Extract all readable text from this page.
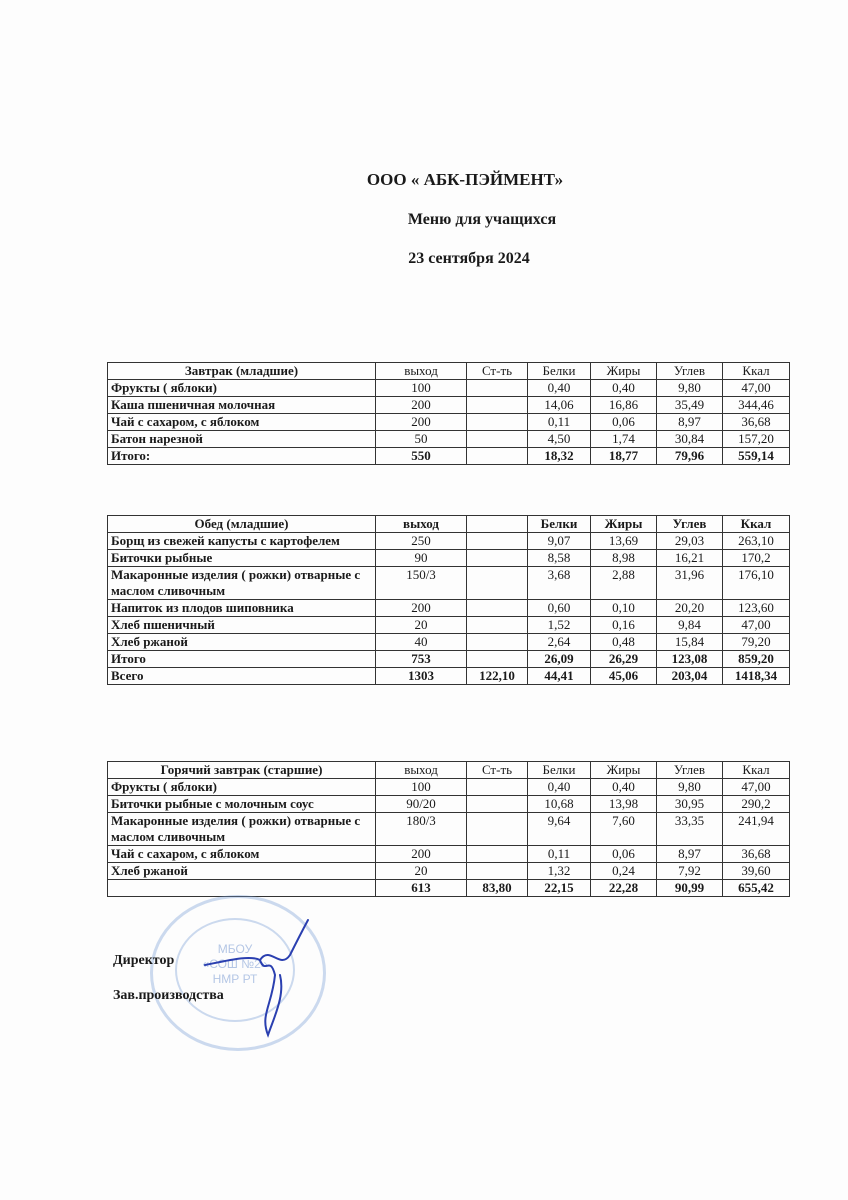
ООО « АБК-ПЭЙМЕНТ»
Меню для учащихся
23 сентября 2024
Завтрак (младшие)	выход	Ст-ть	Белки	Жиры	Углев	Ккал
Фрукты ( яблоки)	100		0,40	0,40	9,80	47,00
Каша пшеничная молочная	200		14,06	16,86	35,49	344,46
Чай с сахаром, с яблоком	200		0,11	0,06	8,97	36,68
Батон нарезной	50		4,50	1,74	30,84	157,20
Итого:	550		18,32	18,77	79,96	559,14
Обед (младшие)	выход		Белки	Жиры	Углев	Ккал
Борщ из свежей капусты с картофелем	250		9,07	13,69	29,03	263,10
Биточки рыбные	90		8,58	8,98	16,21	170,2
Макаронные изделия ( рожки) отварные с маслом сливочным	150/3		3,68	2,88	31,96	176,10
Напиток из плодов шиповника	200		0,60	0,10	20,20	123,60
Хлеб пшеничный	20		1,52	0,16	9,84	47,00
Хлеб ржаной	40		2,64	0,48	15,84	79,20
Итого	753		26,09	26,29	123,08	859,20
Всего	1303	122,10	44,41	45,06	203,04	1418,34
Горячий завтрак (старшие)	выход	Ст-ть	Белки	Жиры	Углев	Ккал
Фрукты ( яблоки)	100		0,40	0,40	9,80	47,00
Биточки рыбные с молочным соус	90/20		10,68	13,98	30,95	290,2
Макаронные изделия ( рожки) отварные с маслом сливочным	180/3		9,64	7,60	33,35	241,94
Чай с сахаром, с яблоком	200		0,11	0,06	8,97	36,68
Хлеб ржаной	20		1,32	0,24	7,92	39,60
	613	83,80	22,15	22,28	90,99	655,42
МБОУ
«СОШ №2»
НМР РТ
Директор
Зав.производства
